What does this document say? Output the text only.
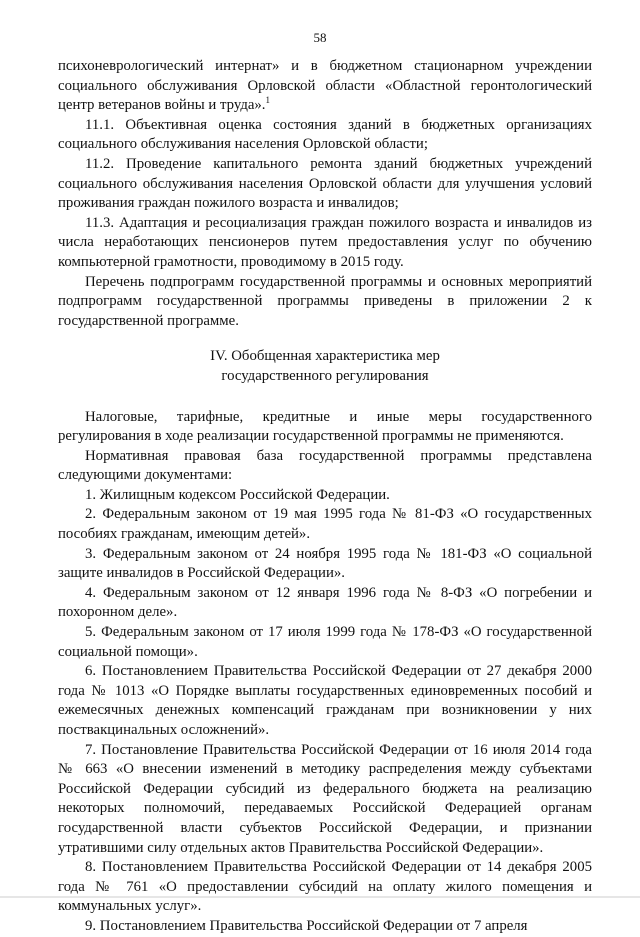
58

психоневрологический интернат» и в бюджетном стационарном учреждении социального обслуживания Орловской области «Областной геронтологический центр ветеранов войны и труда».$^1$

11.1. Объективная оценка состояния зданий в бюджетных организациях социального обслуживания населения Орловской области;

11.2. Проведение капитального ремонта зданий бюджетных учреждений социального обслуживания населения Орловской области для улучшения условий проживания граждан пожилого возраста и инвалидов;

11.3. Адаптация и ресоциализация граждан пожилого возраста и инвалидов из числа неработающих пенсионеров путем предоставления услуг по обучению компьютерной грамотности, проводимому в 2015 году.

Перечень подпрограмм государственной программы и основных мероприятий подпрограмм государственной программы приведены в приложении 2 к государственной программе.

IV. Обобщенная характеристика мер
государственного регулирования

Налоговые, тарифные, кредитные и иные меры государственного регулирования в ходе реализации государственной программы не применяются.

Нормативная правовая база государственной программы представлена следующими документами:

1. Жилищным кодексом Российской Федерации.

2. Федеральным законом от 19 мая 1995 года № 81-ФЗ «О государственных пособиях гражданам, имеющим детей».

3. Федеральным законом от 24 ноября 1995 года № 181-ФЗ «О социальной защите инвалидов в Российской Федерации».

4. Федеральным законом от 12 января 1996 года № 8-ФЗ «О погребении и похоронном деле».

5. Федеральным законом от 17 июля 1999 года № 178-ФЗ «О государственной социальной помощи».

6. Постановлением Правительства Российской Федерации от 27 декабря 2000 года № 1013 «О Порядке выплаты государственных единовременных пособий и ежемесячных денежных компенсаций гражданам при возникновении у них поствакцинальных осложнений».

7. Постановление Правительства Российской Федерации от 16 июля 2014 года № 663 «О внесении изменений в методику распределения между субъектами Российской Федерации субсидий из федерального бюджета на реализацию некоторых полномочий, передаваемых Российской Федерацией органам государственной власти субъектов Российской Федерации, и признании утратившими силу отдельных актов Правительства Российской Федерации».

8. Постановлением Правительства Российской Федерации от 14 декабря 2005 года № 761 «О предоставлении субсидий на оплату жилого помещения и коммунальных услуг».

9. Постановлением Правительства Российской Федерации от 7 апреля
